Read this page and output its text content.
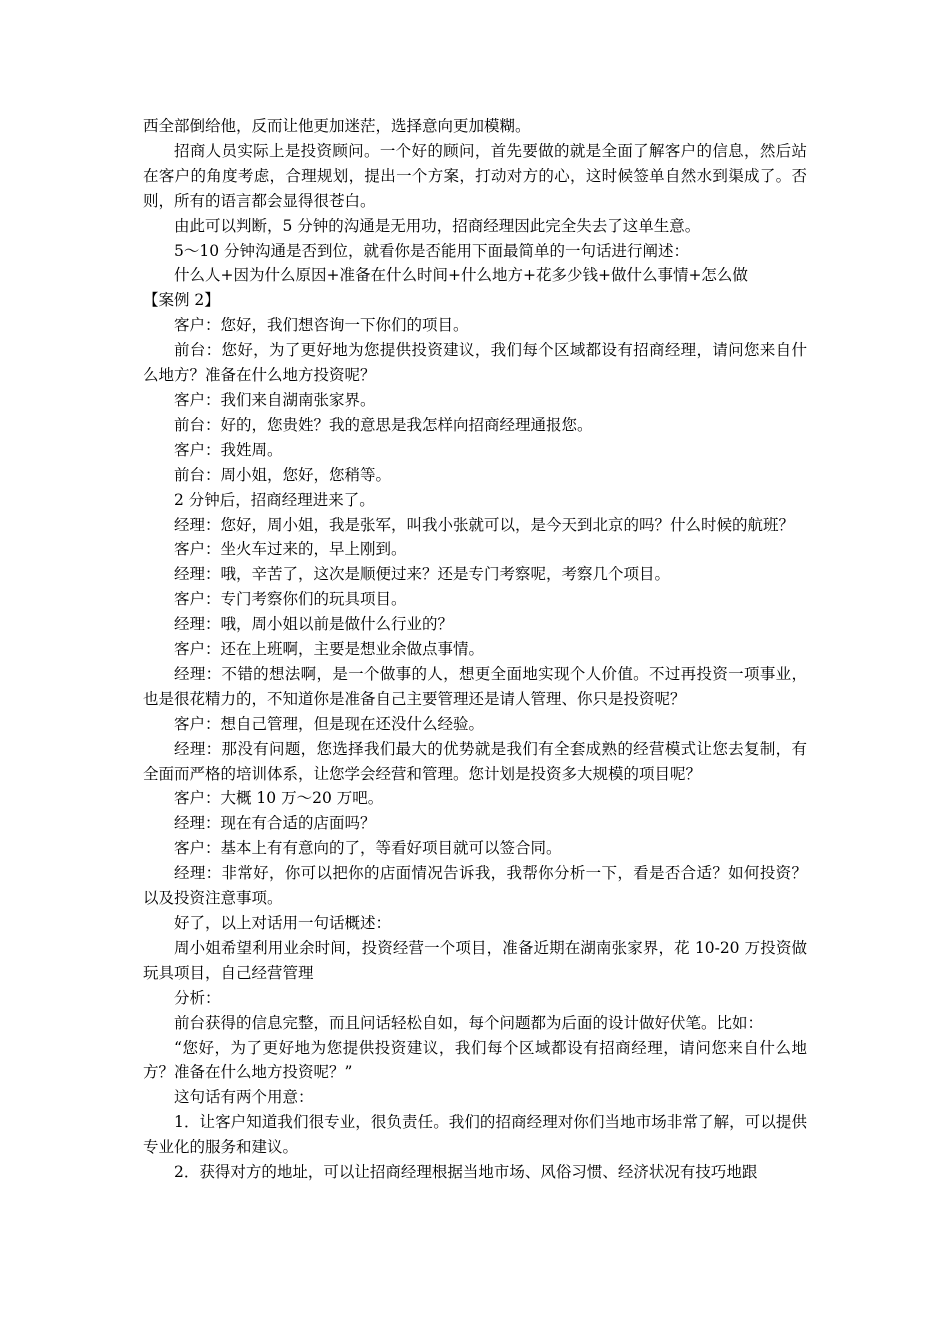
西全部倒给他，反而让他更加迷茫，选择意向更加模糊。

招商人员实际上是投资顾问。一个好的顾问，首先要做的就是全面了解客户的信息，然后站在客户的角度考虑，合理规划，提出一个方案，打动对方的心，这时候签单自然水到渠成了。否则，所有的语言都会显得很苍白。

由此可以判断，5 分钟的沟通是无用功，招商经理因此完全失去了这单生意。

5～10 分钟沟通是否到位，就看你是否能用下面最简单的一句话进行阐述：

什么人+因为什么原因+准备在什么时间+什么地方+花多少钱+做什么事情+怎么做

【案例 2】

客户：您好，我们想咨询一下你们的项目。

前台：您好，为了更好地为您提供投资建议，我们每个区域都设有招商经理，请问您来自什么地方？准备在什么地方投资呢？

客户：我们来自湖南张家界。

前台：好的，您贵姓？我的意思是我怎样向招商经理通报您。

客户：我姓周。

前台：周小姐，您好，您稍等。

2 分钟后，招商经理进来了。

经理：您好，周小姐，我是张军，叫我小张就可以，是今天到北京的吗？什么时候的航班？

客户：坐火车过来的，早上刚到。

经理：哦，辛苦了，这次是顺便过来？还是专门考察呢，考察几个项目。

客户：专门考察你们的玩具项目。

经理：哦，周小姐以前是做什么行业的？

客户：还在上班啊，主要是想业余做点事情。

经理：不错的想法啊，是一个做事的人，想更全面地实现个人价值。不过再投资一项事业，也是很花精力的，不知道你是准备自己主要管理还是请人管理、你只是投资呢？

客户：想自己管理，但是现在还没什么经验。

经理：那没有问题，您选择我们最大的优势就是我们有全套成熟的经营模式让您去复制，有全面而严格的培训体系，让您学会经营和管理。您计划是投资多大规模的项目呢？

客户：大概 10 万～20 万吧。

经理：现在有合适的店面吗？

客户：基本上有有意向的了，等看好项目就可以签合同。

经理：非常好，你可以把你的店面情况告诉我，我帮你分析一下，看是否合适？如何投资？以及投资注意事项。

好了，以上对话用一句话概述：

周小姐希望利用业余时间，投资经营一个项目，准备近期在湖南张家界，花 10-20 万投资做玩具项目，自己经营管理

分析：

前台获得的信息完整，而且问话轻松自如，每个问题都为后面的设计做好伏笔。比如：

“您好，为了更好地为您提供投资建议，我们每个区域都设有招商经理，请问您来自什么地方？准备在什么地方投资呢？”

这句话有两个用意：

1．让客户知道我们很专业，很负责任。我们的招商经理对你们当地市场非常了解，可以提供专业化的服务和建议。

2．获得对方的地址，可以让招商经理根据当地市场、风俗习惯、经济状况有技巧地跟
